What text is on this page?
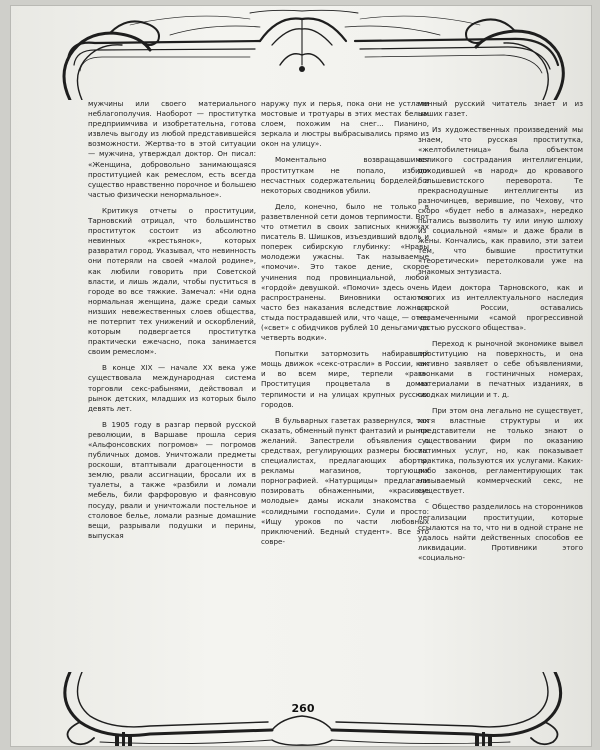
мужчины или своего материального неблагополучия. Наоборот — проститутка предприимчива и изобретательна, готова извлечь выгоду из любой представившейся возможности. Жертва-то в этой ситуации — мужчина, утверждал доктор. Он писал: «Женщина, добровольно занимающаяся проституцией как ремеслом, есть всегда существо нравственно порочное и большею частью физически ненормальное».

Критикуя отчеты о проституции, Тарновский отрицал, что большинство проституток состоит из абсолютно невинных «крестьянок», которых развратил город. Указывал, что невинность они потеряли на своей «малой родине», как любили говорить при Советской власти, и лишь ждали, чтобы пуститься в городе во все тяжкие. Замечал: «Ни одна нормальная женщина, даже среди самых низших невежественных слоев общества, не потерпит тех унижений и оскорблений, которым подвергается проститутка практически ежечасно, пока занимается своим ремеслом».

В конце XIX — начале XX века уже существовала международная система торговли секс-рабынями, действовал и рынок детских, младших из которых было девять лет.

В 1905 году в разгар первой русской революции, в Варшаве прошла серия «Альфонсовских погромов» — погромов публичных домов. Уничтожали предметы роскоши, втаптывали драгоценности в землю, рвали ассигнации, бросали их в туалеты, а также «разбили и ломали мебель, били фарфоровую и фаянсовую посуду, рвали и уничтожали постельное и столовое белье, ломали разные домашние вещи, разрывали подушки и перины, выпуская

наружу пух и перья, пока они не устлали мостовые и тротуары в этих местах белым слоем, похожим на снег... Пианино, зеркала и люстры выбрасывались прямо из окон на улицу».

Моментально возвращавшимся проституткам не попало, избили несчастных содержательниц борделей, а некоторых сводников убили.

Дело, конечно, было не только в разветвленной сети домов терпимости. Вот что отметил в своих записных книжках писатель В. Шишков, изъездивший вдоль и поперек сибирскую глубинку: «Нравы молодежи ужасны. Так называемые «помочи». Это такое дение, скорое учинения под провинциальной, любой «гордой» девушкой. «Помочи» здесь очень распространены. Виновники остаются часто без наказания вследствие ложного стыда пострадавшей или, что чаще, — отец («свет» с обидчиков рублей 10 деньгами да четверть водки».

Попытки затормозить набиравший мощь движок «секс-отрасли» в России, как и во всем мире, терпели «рак». Проституция процветала в домах терпимости и на улицах крупных русских городов.

В бульварных газетах развернулся, так сказать, обменный пункт фантазий и рынок желаний. Запестрели объявления о средствах, регулирующих размеры бюста: специалистах, предлагающих аборты; рекламы магазинов, торгующих порнографией. «Натурщицы» предлагали позировать обнаженными, «красивые молодые» дамы искали знакомства с «солидными господами». Сули и просто: «Ищу уроков по части любовных приключений. Бедный студент». Все это совре-

менный русский читатель знает и из наших газет.

Из художественных произведений мы знаем, что русская проститутка, «желтобилетница» была объектом великого сострадания интеллигенции, доходившей «в народ» до кровавого большевистского переворота. Те прекраснодушные интеллигенты из разночинцев, верившие, по Чехову, что скоро «будет небо в алмазах», нередко пытались вызволить ту или иную шлюху из социальной «ямы» и даже брали в жены. Кончались, как правило, эти затеи тем, что бывшие проститутки «теоретически» перетолковали уже на знакомых энтузиаста.

Идеи доктора Тарновского, как и многих из интеллектуального наследия царской России, оставались незамеченными «самой прогрессивной частью русского общества».

Переход к рыночной экономике вывел проституцию на поверхность, и она активно заявляет о себе объявлениями, звонками в гостиничных номерах, материалами в печатных изданиях, в сводках милиции и т. д.

При этом она легально не существует, хотя властные структуры и их представители не только знают о существовании фирм по оказанию интимных услуг, но, как показывает практика, пользуются их услугами. Каких-либо законов, регламентирующих так называемый коммерческий секс, не существует.

Общество разделилось на сторонников легализации проституции, которые ссылаются на то, что ни в одной стране не удалось найти действенных способов ее ликвидации. Противники этого «социально-

260
